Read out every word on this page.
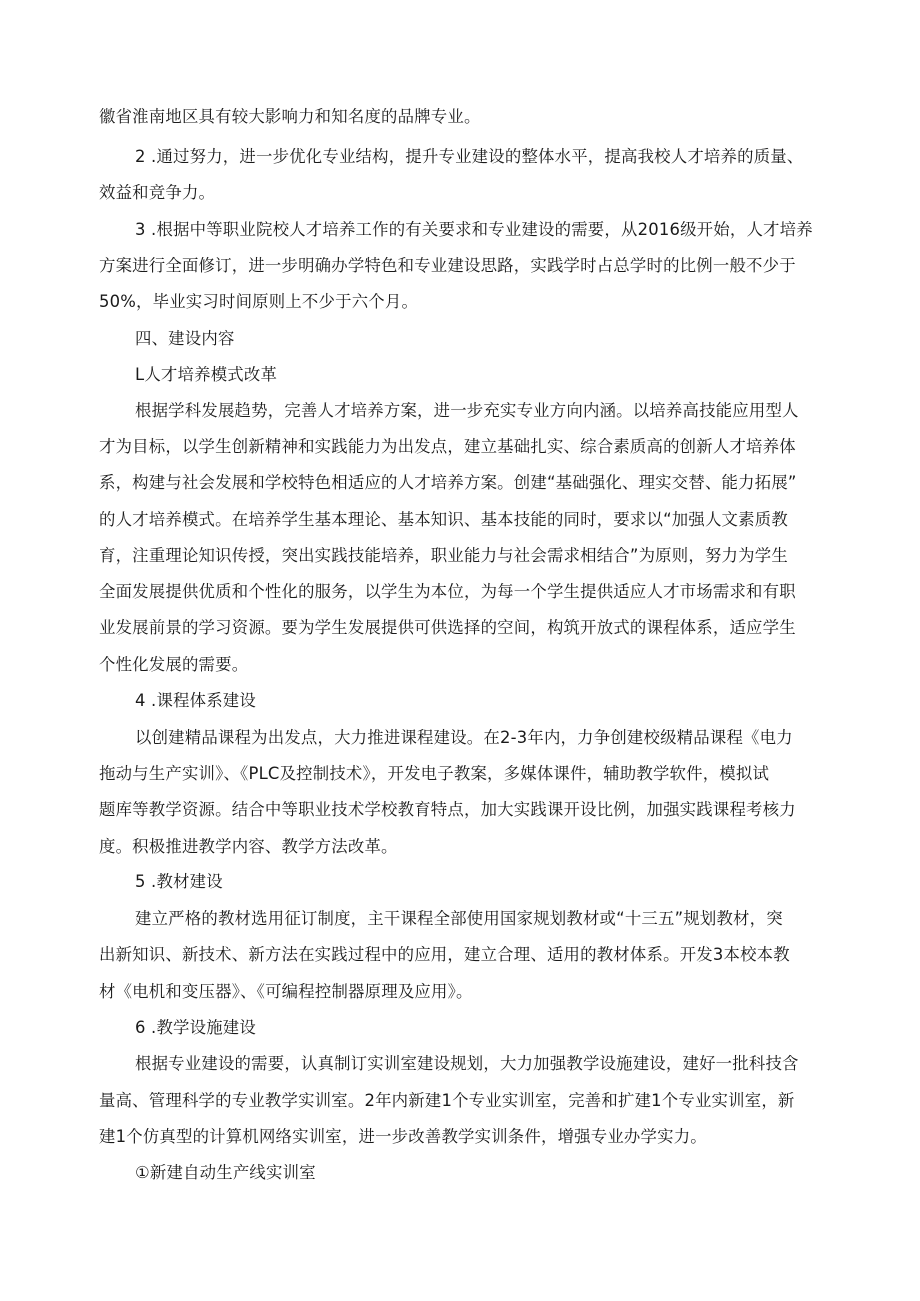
徽省淮南地区具有较大影响力和知名度的品牌专业。
2 .通过努力，进一步优化专业结构，提升专业建设的整体水平，提高我校人才培养的质量、
效益和竞争力。
3 .根据中等职业院校人才培养工作的有关要求和专业建设的需要，从2016级开始，人才培养
方案进行全面修订，进一步明确办学特色和专业建设思路，实践学时占总学时的比例一般不少于
50%，毕业实习时间原则上不少于六个月。
四、建设内容
L人才培养模式改革
根据学科发展趋势，完善人才培养方案，进一步充实专业方向内涵。以培养高技能应用型人
才为目标，以学生创新精神和实践能力为出发点，建立基础扎实、综合素质高的创新人才培养体
系，构建与社会发展和学校特色相适应的人才培养方案。创建“基础强化、理实交替、能力拓展”
的人才培养模式。在培养学生基本理论、基本知识、基本技能的同时，要求以“加强人文素质教
育，注重理论知识传授，突出实践技能培养，职业能力与社会需求相结合”为原则，努力为学生
全面发展提供优质和个性化的服务，以学生为本位，为每一个学生提供适应人才市场需求和有职
业发展前景的学习资源。要为学生发展提供可供选择的空间，构筑开放式的课程体系，适应学生
个性化发展的需要。
4 .课程体系建设
以创建精品课程为出发点，大力推进课程建设。在2-3年内，力争创建校级精品课程《电力
拖动与生产实训》、《PLC及控制技术》，开发电子教案，多媒体课件，辅助教学软件，模拟试
题库等教学资源。结合中等职业技术学校教育特点，加大实践课开设比例，加强实践课程考核力
度。积极推进教学内容、教学方法改革。
5 .教材建设
建立严格的教材选用征订制度，主干课程全部使用国家规划教材或“十三五”规划教材，突
出新知识、新技术、新方法在实践过程中的应用，建立合理、适用的教材体系。开发3本校本教
材《电机和变压器》、《可编程控制器原理及应用》。
6 .教学设施建设
根据专业建设的需要，认真制订实训室建设规划，大力加强教学设施建设，建好一批科技含
量高、管理科学的专业教学实训室。2年内新建1个专业实训室，完善和扩建1个专业实训室，新
建1个仿真型的计算机网络实训室，进一步改善教学实训条件，增强专业办学实力。
①新建自动生产线实训室
